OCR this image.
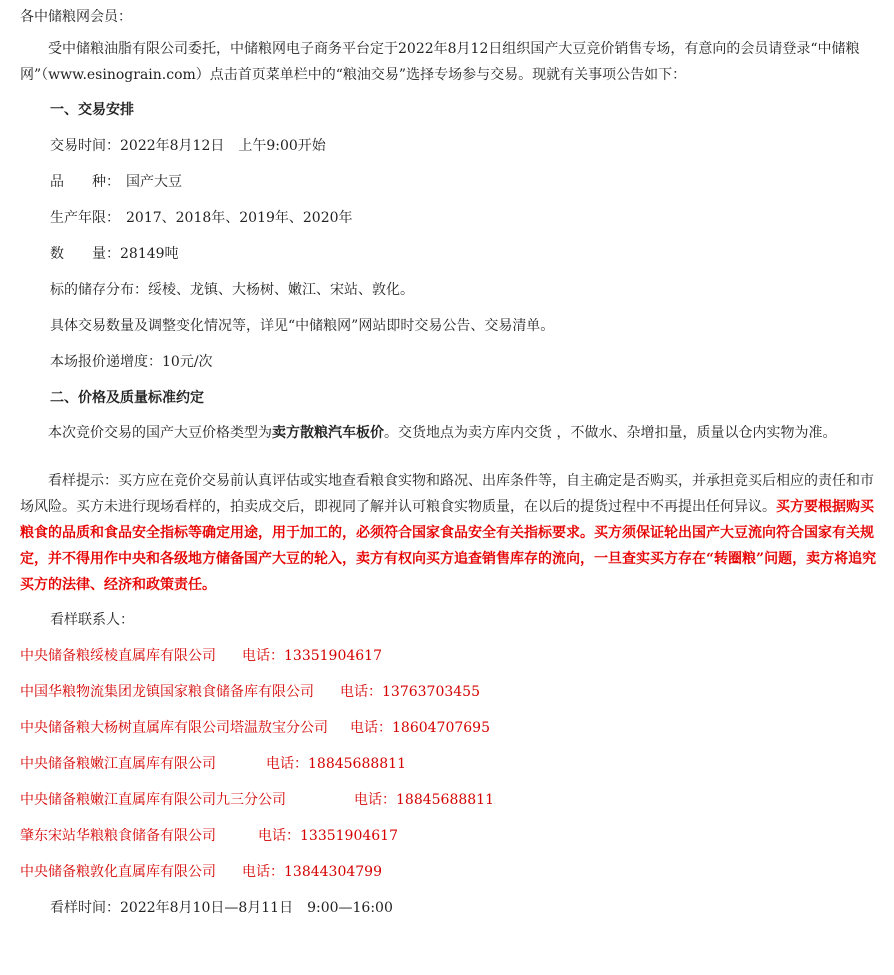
各中储粮网会员：

受中储粮油脂有限公司委托，中储粮网电子商务平台定于2022年8月12日组织国产大豆竞价销售专场，有意向的会员请登录“中储粮网”（www.esinograin.com）点击首页菜单栏中的“粮油交易”选择专场参与交易。现就有关事项公告如下：

一、交易安排
交易时间：2022年8月12日　上午9:00开始
品　　种： 国产大豆
生产年限： 2017、2018年、2019年、2020年
数　　量：28149吨
标的储存分布：绥棱、龙镇、大杨树、嫩江、宋站、敦化。
具体交易数量及调整变化情况等，详见“中储粮网”网站即时交易公告、交易清单。
本场报价递增度：10元/次
二、价格及质量标准约定

本次竞价交易的国产大豆价格类型为卖方散粮汽车板价。交货地点为卖方库内交货 ，不做水、杂增扣量，质量以仓内实物为准。

看样提示：买方应在竞价交易前认真评估或实地查看粮食实物和路况、出库条件等，自主确定是否购买，并承担竞买后相应的责任和市场风险。买方未进行现场看样的，拍卖成交后，即视同了解并认可粮食实物质量，在以后的提货过程中不再提出任何异议。买方要根据购买粮食的品质和食品安全指标等确定用途，用于加工的，必须符合国家食品安全有关指标要求。买方须保证轮出国产大豆流向符合国家有关规定，并不得用作中央和各级地方储备国产大豆的轮入，卖方有权向买方追查销售库存的流向，一旦查实买方存在“转圈粮”问题，卖方将追究买方的法律、经济和政策责任。

看样联系人：
中央储备粮绥棱直属库有限公司 电话：13351904617
中国华粮物流集团龙镇国家粮食储备库有限公司 电话：13763703455
中央储备粮大杨树直属库有限公司塔温敖宝分公司 电话：18604707695
中央储备粮嫩江直属库有限公司	电话：18845688811
中央储备粮嫩江直属库有限公司九三分公司	电话：18845688811
肇东宋站华粮粮食储备有限公司	电话：13351904617
中央储备粮敦化直属库有限公司 电话：13844304799
看样时间：2022年8月10日—8月11日　9:00—16:00
